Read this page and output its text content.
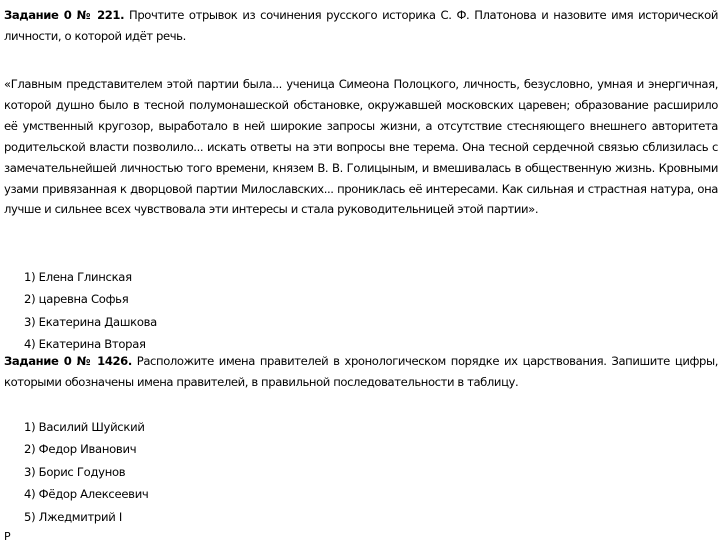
Задание 0 № 221. Прочтите отрывок из сочинения русского историка С. Ф. Платонова и назовите имя исторической личности, о которой идёт речь.

«Главным представителем этой партии была... ученица Симеона Полоцкого, личность, безусловно, умная и энергичная, которой душно было в тесной полумонашеской обстановке, окружавшей московских царевен; образование расширило её умственный кругозор, выработало в ней широкие запросы жизни, а отсутствие стесняющего внешнего авторитета родительской власти позволило... искать ответы на эти вопросы вне терема. Она тесной сердечной связью сблизилась с замечательнейшей личностью того времени, князем В. В. Голицыным, и вмешивалась в общественную жизнь. Кровными узами привязанная к дворцовой партии Милославских... прониклась её интересами. Как сильная и страстная натура, она лучше и сильнее всех чувствовала эти интересы и стала руководительницей этой партии».

1) Елена Глинская
2) царевна Софья
3) Екатерина Дашкова
4) Екатерина Вторая

Задание 0 № 1426. Расположите имена правителей в хронологическом порядке их царствования. Запишите цифры, которыми обозначены имена правителей, в правильной последовательности в таблицу.

1) Василий Шуйский
2) Федор Иванович
3) Борис Годунов
4) Фёдор Алексеевич
5) Лжедмитрий I
Р
